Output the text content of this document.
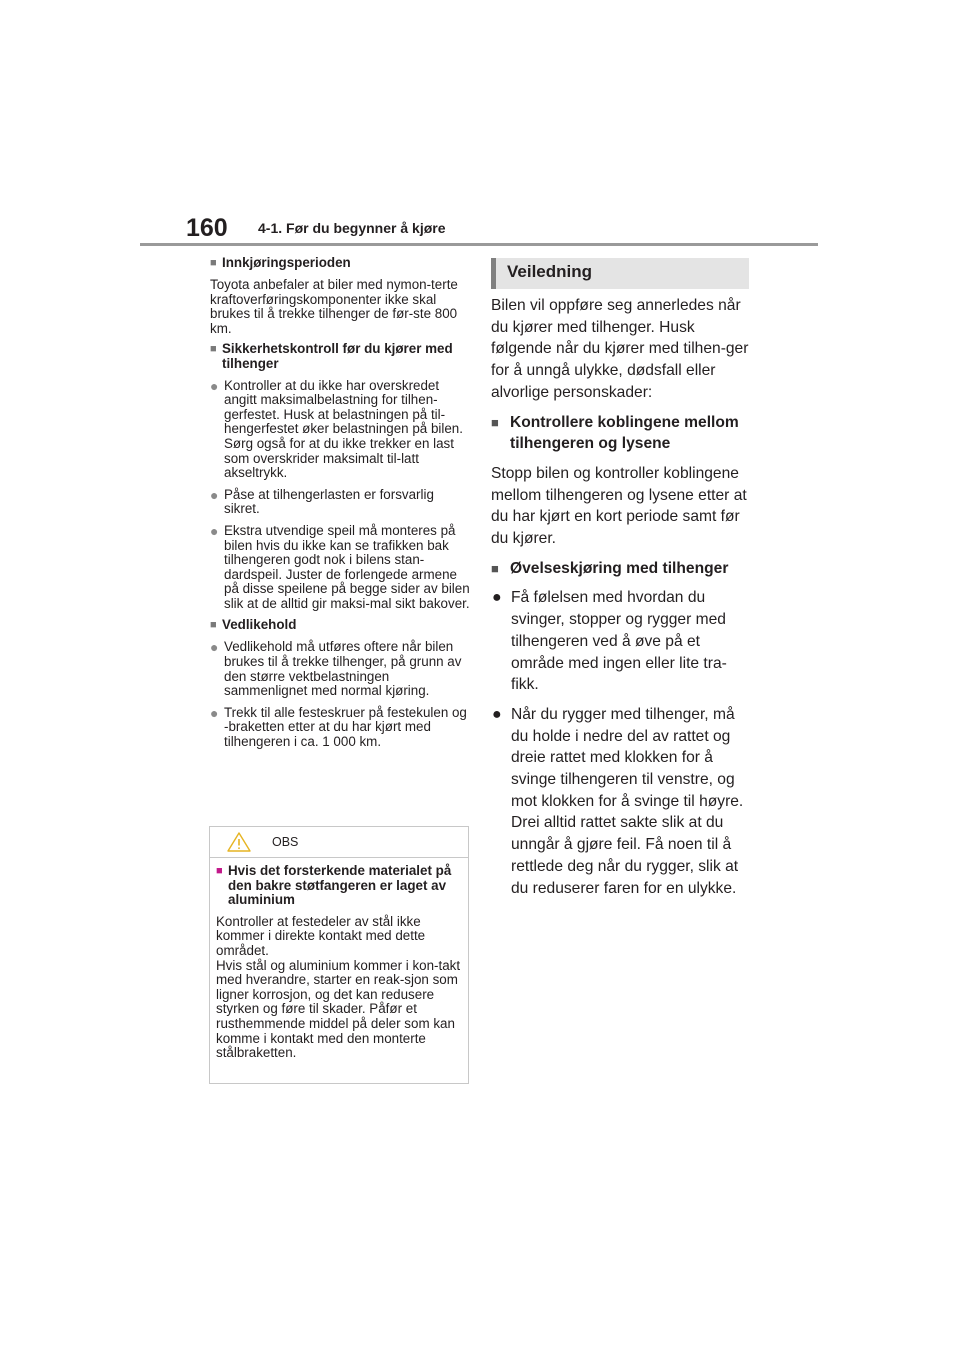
160 4-1. Før du begynner å kjøre
■ Innkjøringsperioden
Toyota anbefaler at biler med nymon-terte kraftoverføringskomponenter ikke skal brukes til å trekke tilhenger de før-ste 800 km.
■ Sikkerhetskontroll før du kjører med tilhenger
● Kontroller at du ikke har overskredet angitt maksimalbelastning for tilhen-gerfestet. Husk at belastningen på til-hengerfestet øker belastningen på bilen. Sørg også for at du ikke trekker en last som overskrider maksimalt til-latt akseltrykk.
● Påse at tilhengerlasten er forsvarlig sikret.
● Ekstra utvendige speil må monteres på bilen hvis du ikke kan se trafikken bak tilhengeren godt nok i bilens stan-dardspeil. Juster de forlengede armene på disse speilene på begge sider av bilen slik at de alltid gir maksi-mal sikt bakover.
■ Vedlikehold
● Vedlikehold må utføres oftere når bilen brukes til å trekke tilhenger, på grunn av den større vektbelastningen sammenlignet med normal kjøring.
● Trekk til alle festeskruer på festekulen og -braketten etter at du har kjørt med tilhengeren i ca. 1 000 km.
OBS
■ Hvis det forsterkende materialet på den bakre støtfangeren er laget av aluminium
Kontroller at festedeler av stål ikke kommer i direkte kontakt med dette området.
Hvis stål og aluminium kommer i kon-takt med hverandre, starter en reak-sjon som ligner korrosjon, og det kan redusere styrken og føre til skader. Påfør et rusthemmende middel på deler som kan komme i kontakt med den monterte stålbraketten.
Veiledning
Bilen vil oppføre seg annerledes når du kjører med tilhenger. Husk følgende når du kjører med tilhen-ger for å unngå ulykke, dødsfall eller alvorlige personskader:
■ Kontrollere koblingene mellom tilhengeren og lysene
Stopp bilen og kontroller koblingene mellom tilhengeren og lysene etter at du har kjørt en kort periode samt før du kjører.
■ Øvelseskjøring med tilhenger
● Få følelsen med hvordan du svinger, stopper og rygger med tilhengeren ved å øve på et område med ingen eller lite tra-fikk.
● Når du rygger med tilhenger, må du holde i nedre del av rattet og dreie rattet med klokken for å svinge tilhengeren til venstre, og mot klokken for å svinge til høyre. Drei alltid rattet sakte slik at du unngår å gjøre feil. Få noen til å rettlede deg når du rygger, slik at du reduserer faren for en ulykke.
